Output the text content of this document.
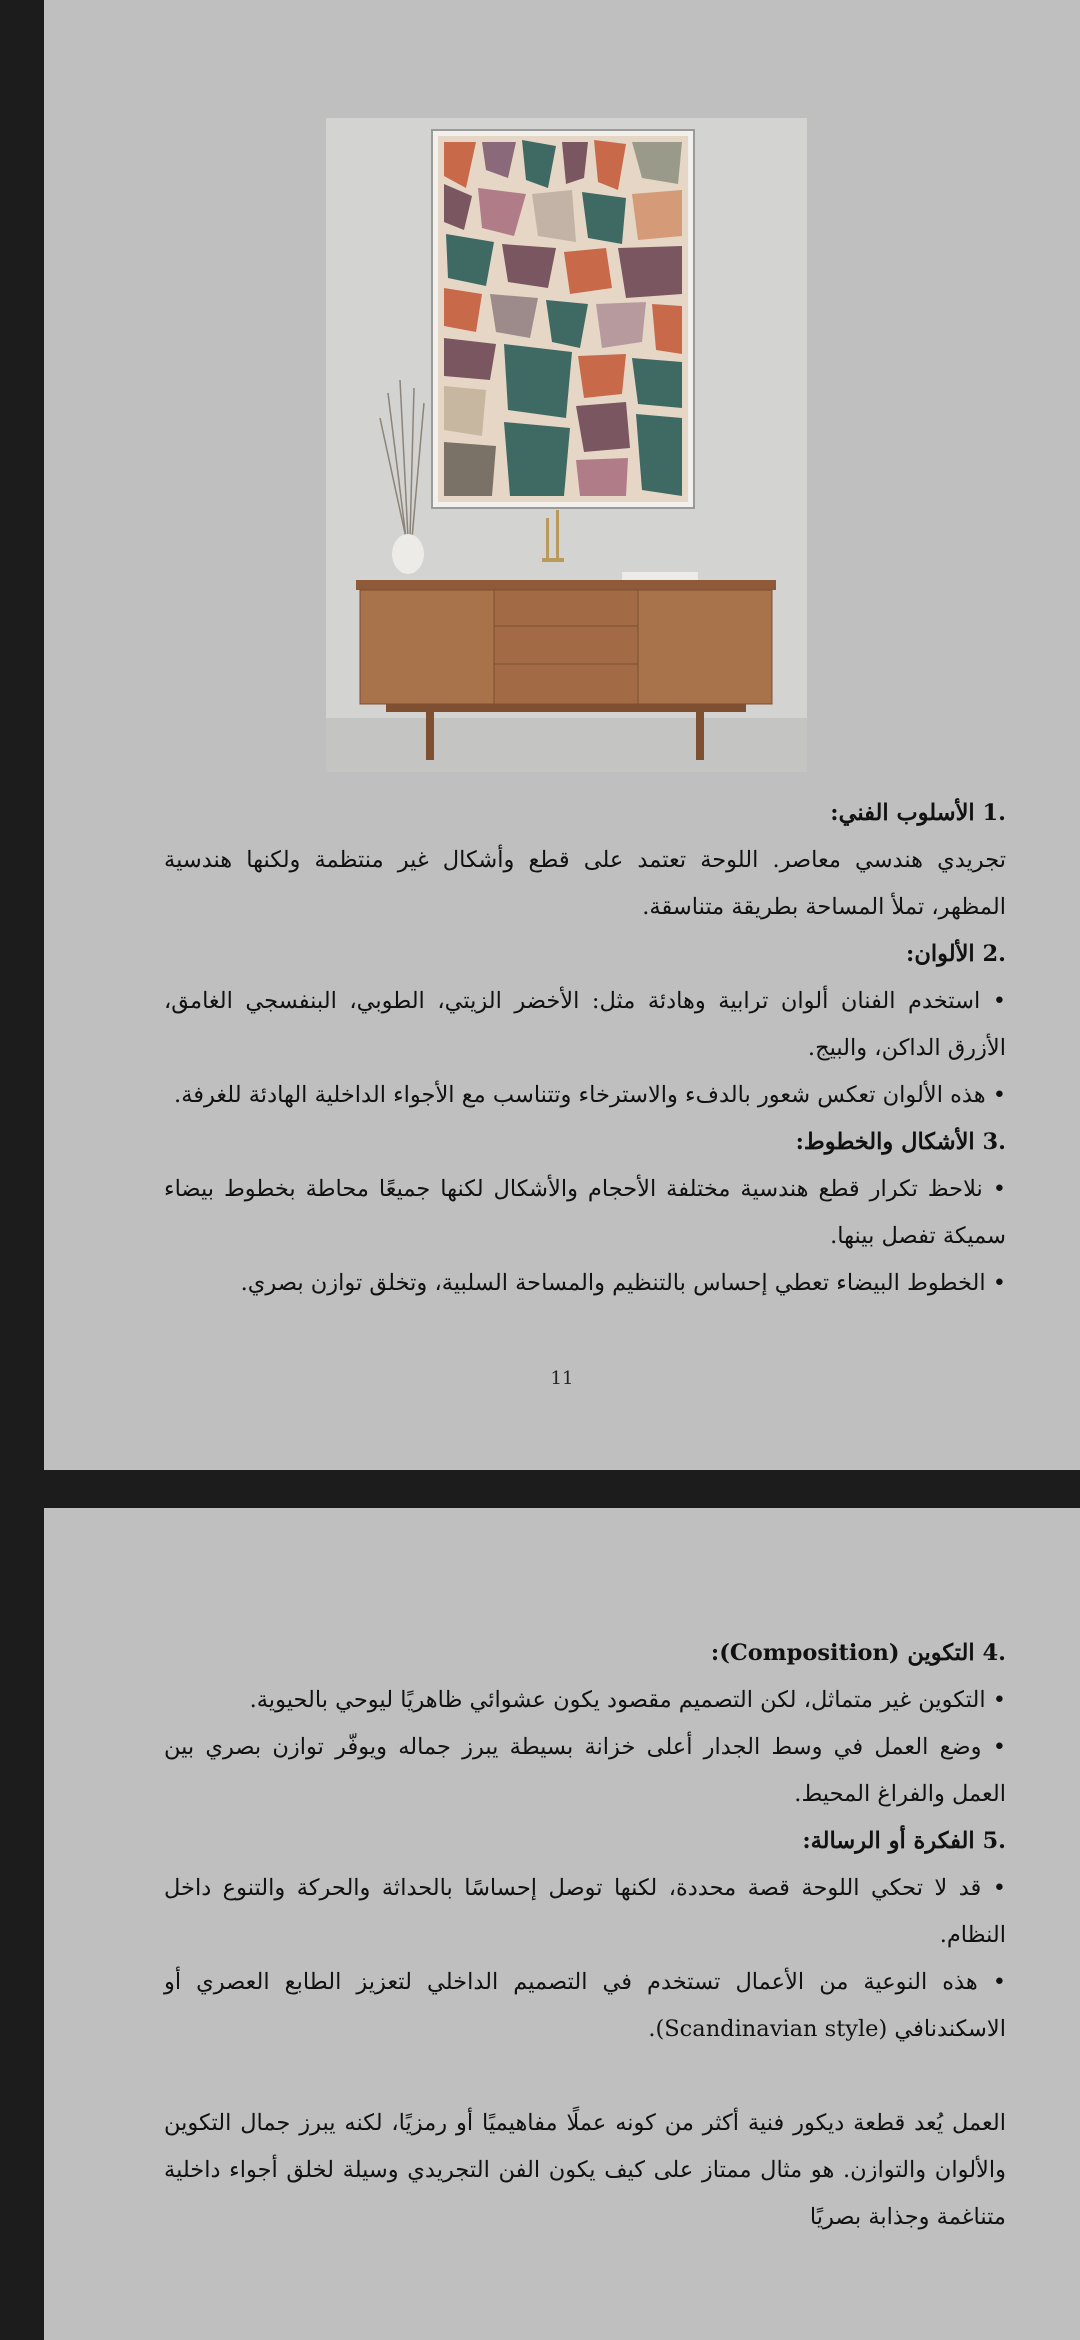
.1 الأسلوب الفني:

تجريدي هندسي معاصر. اللوحة تعتمد على قطع وأشكال غير منتظمة ولكنها هندسية المظهر، تملأ المساحة بطريقة متناسقة.

.2 الألوان:

• استخدم الفنان ألوان ترابية وهادئة مثل: الأخضر الزيتي، الطوبي، البنفسجي الغامق، الأزرق الداكن، والبيج.

• هذه الألوان تعكس شعور بالدفء والاسترخاء وتتناسب مع الأجواء الداخلية الهادئة للغرفة.

.3 الأشكال والخطوط:

• نلاحظ تكرار قطع هندسية مختلفة الأحجام والأشكال لكنها جميعًا محاطة بخطوط بيضاء سميكة تفصل بينها.

• الخطوط البيضاء تعطي إحساس بالتنظيم والمساحة السلبية، وتخلق توازن بصري.

11

.4 التكوين (Composition):

• التكوين غير متماثل، لكن التصميم مقصود يكون عشوائي ظاهريًا ليوحي بالحيوية.

• وضع العمل في وسط الجدار أعلى خزانة بسيطة يبرز جماله ويوفّر توازن بصري بين العمل والفراغ المحيط.

.5 الفكرة أو الرسالة:

• قد لا تحكي اللوحة قصة محددة، لكنها توصل إحساسًا بالحداثة والحركة والتنوع داخل النظام.

• هذه النوعية من الأعمال تستخدم في التصميم الداخلي لتعزيز الطابع العصري أو الاسكندنافي (Scandinavian style).

العمل يُعد قطعة ديكور فنية أكثر من كونه عملًا مفاهيميًا أو رمزيًا، لكنه يبرز جمال التكوين والألوان والتوازن. هو مثال ممتاز على كيف يكون الفن التجريدي وسيلة لخلق أجواء داخلية متناغمة وجذابة بصريًا
